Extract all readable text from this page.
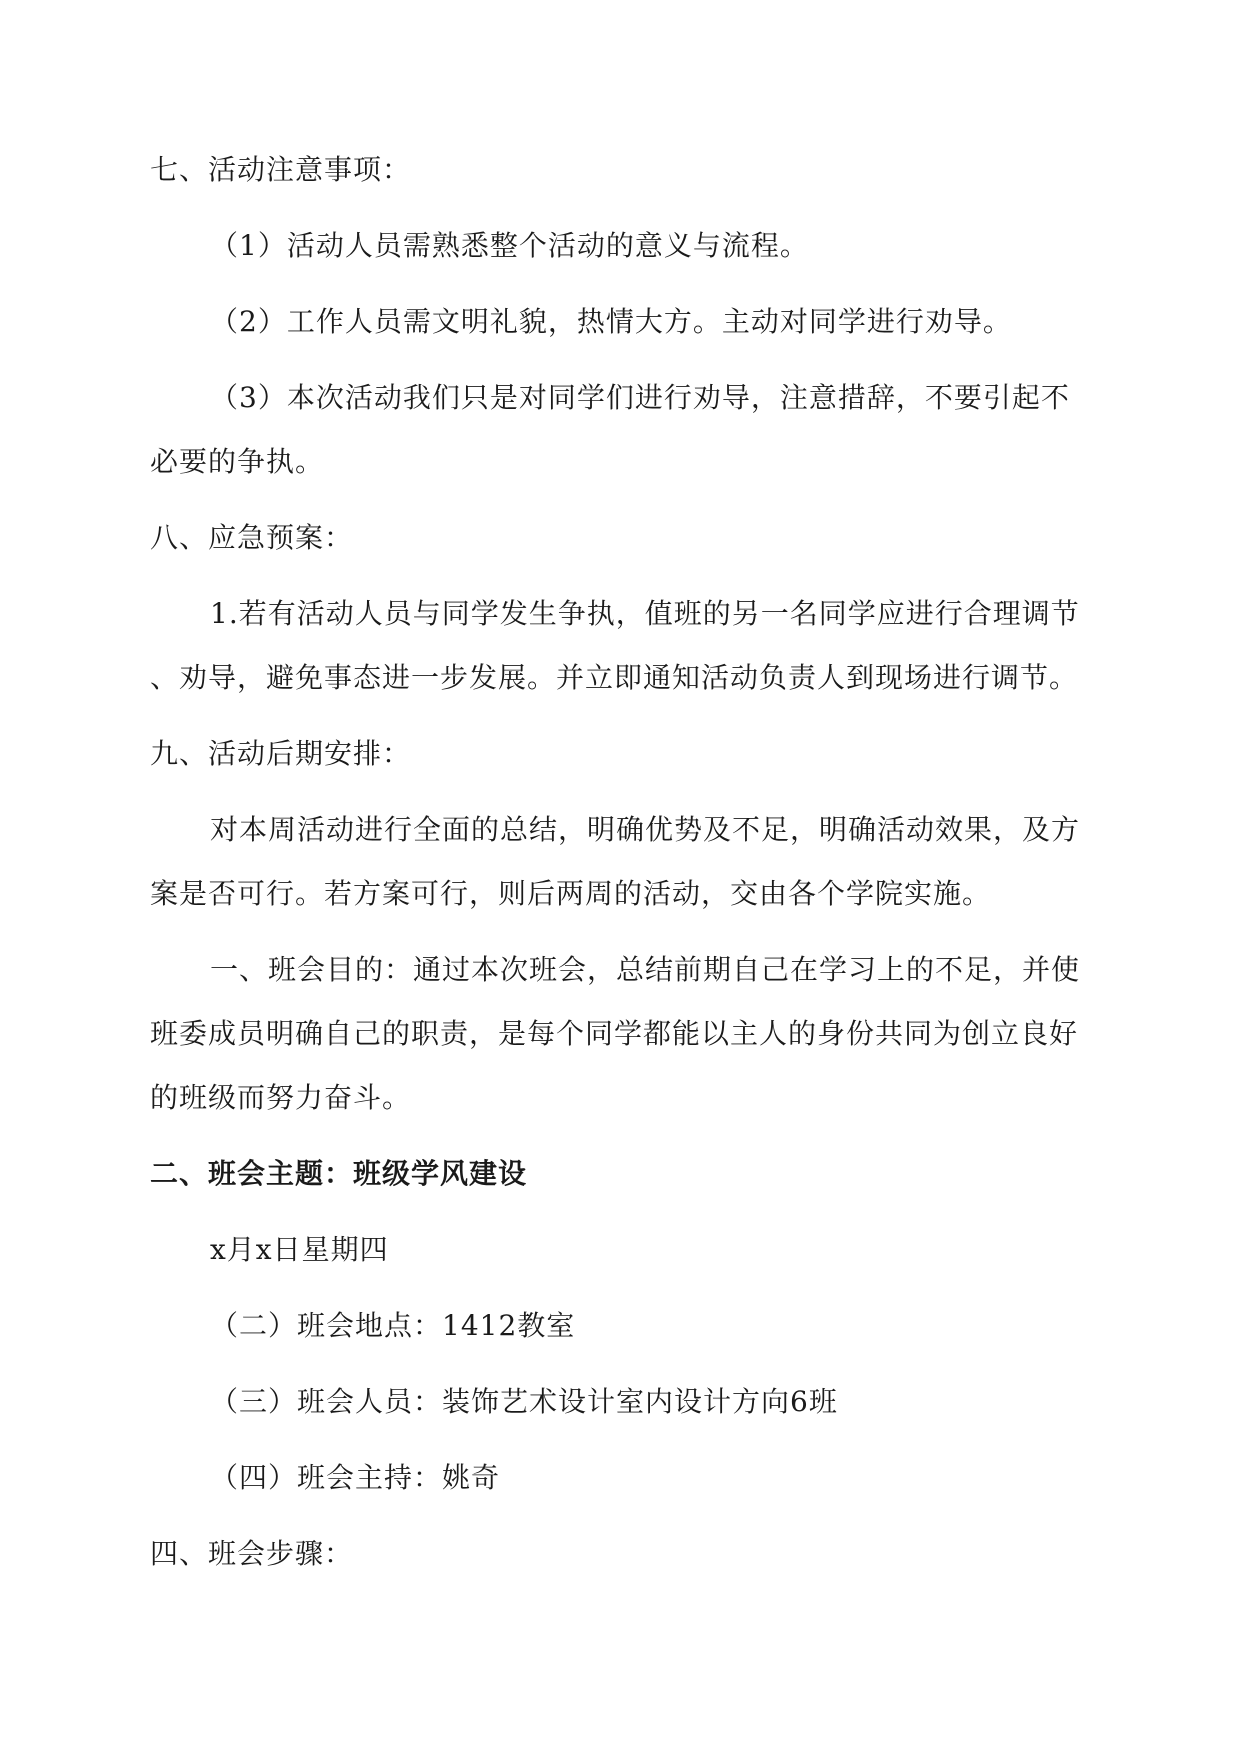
七、活动注意事项：
（1）活动人员需熟悉整个活动的意义与流程。
（2）工作人员需文明礼貌，热情大方。主动对同学进行劝导。
（3）本次活动我们只是对同学们进行劝导，注意措辞，不要引起不
必要的争执。
八、应急预案：
1.若有活动人员与同学发生争执，值班的另一名同学应进行合理调节
、劝导，避免事态进一步发展。并立即通知活动负责人到现场进行调节。
九、活动后期安排：
对本周活动进行全面的总结，明确优势及不足，明确活动效果，及方
案是否可行。若方案可行，则后两周的活动，交由各个学院实施。
一、班会目的：通过本次班会，总结前期自己在学习上的不足，并使
班委成员明确自己的职责，是每个同学都能以主人的身份共同为创立良好
的班级而努力奋斗。
二、班会主题：班级学风建设
x月x日星期四
（二）班会地点：1412教室
（三）班会人员：装饰艺术设计室内设计方向6班
（四）班会主持：姚奇
四、班会步骤：
